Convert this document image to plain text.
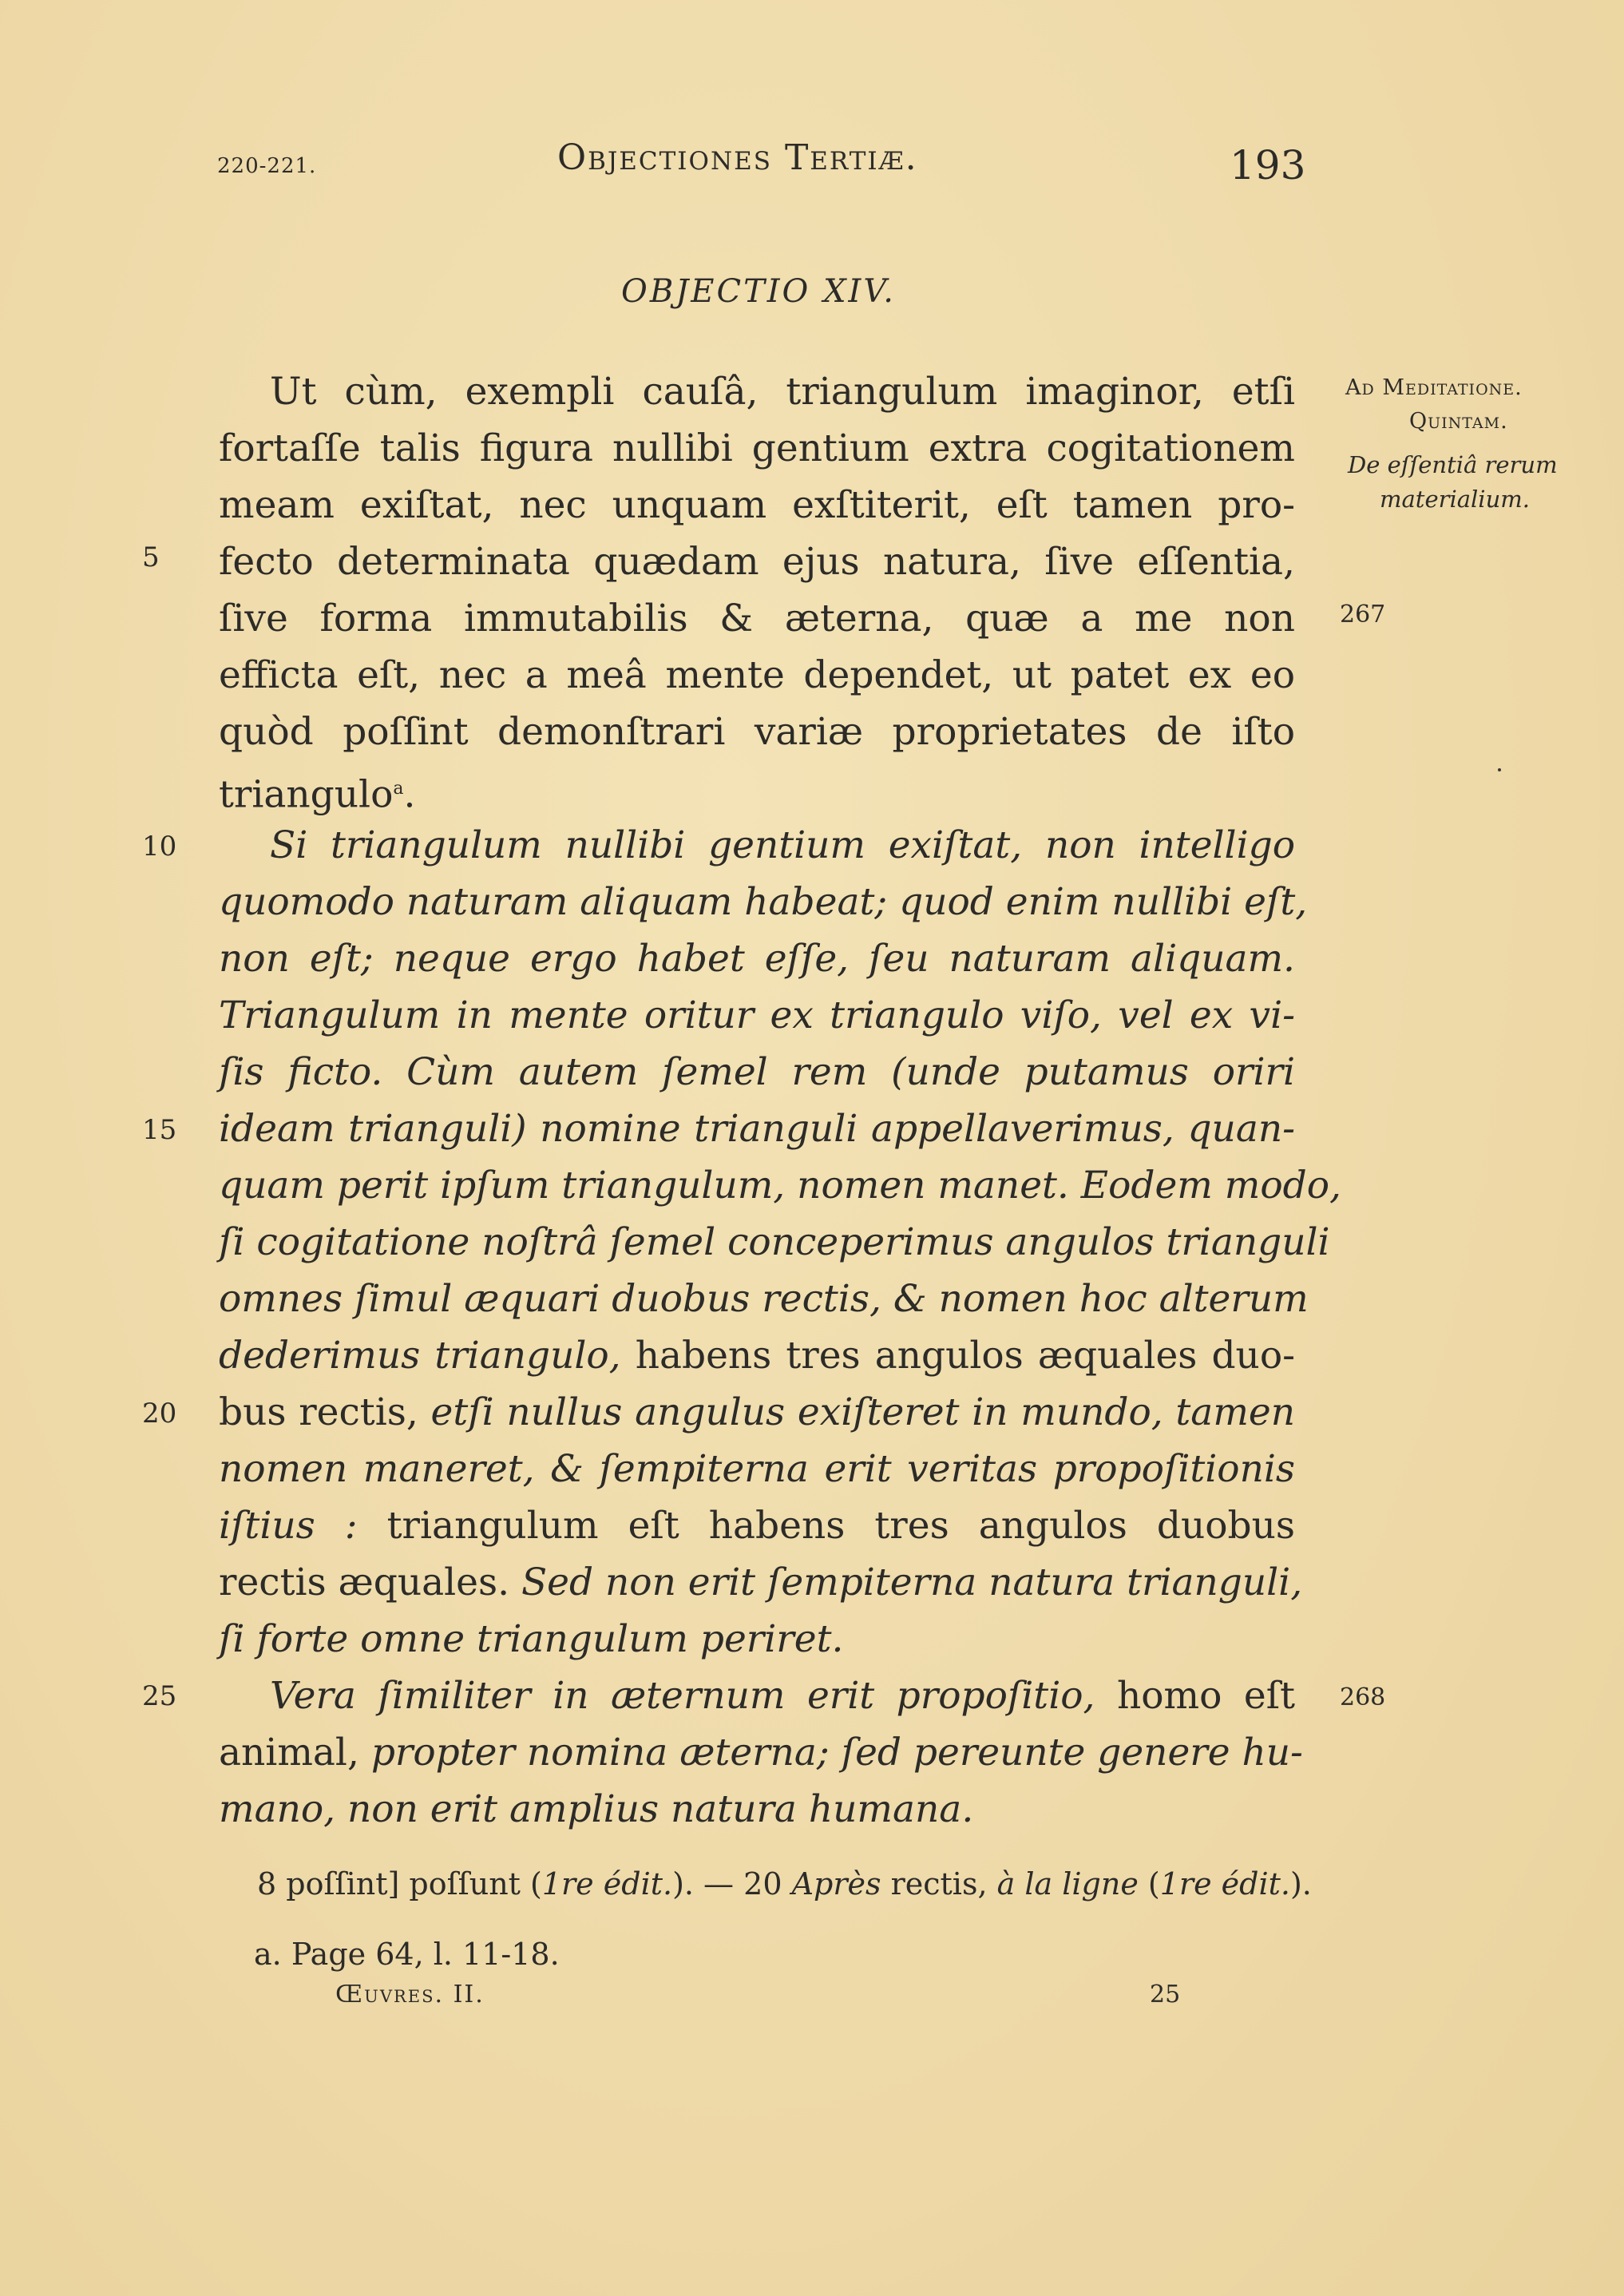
220-221.	Objectiones Tertiæ.	193
OBJECTIO XIV.
Ad Meditatione.
Quintam.
De eſſentiâ rerum
materialium.
267
268
5
10
15
20
25
Ut cùm, exempli cauſâ, triangulum imaginor, etſi
fortaſſe talis figura nullibi gentium extra cogitationem
meam exiſtat, nec unquam exſtiterit, eſt tamen pro-
fecto determinata quædam ejus natura, ſive eſſentia,
ſive forma immutabilis & æterna, quæ a me non
efficta eſt, nec a meâ mente dependet, ut patet ex eo
quòd poſſint demonſtrari variæ proprietates de iſto
triangulo$^a$.
Si triangulum nullibi gentium exiſtat, non intelligo
quomodo naturam aliquam habeat; quod enim nullibi eſt,
non eſt; neque ergo habet eſſe, ſeu naturam aliquam.
Triangulum in mente oritur ex triangulo viſo, vel ex vi-
ſis ficto. Cùm autem ſemel rem (unde putamus oriri
ideam trianguli) nomine trianguli appellaverimus, quan-
quam perit ipſum triangulum, nomen manet. Eodem modo,
ſi cogitatione noſtrâ ſemel conceperimus angulos trianguli
omnes ſimul æquari duobus rectis, & nomen hoc alterum
dederimus triangulo, habens tres angulos æquales duo-
bus rectis, etſi nullus angulus exiſteret in mundo, tamen
nomen maneret, & ſempiterna erit veritas propoſitionis
iſtius : triangulum eſt habens tres angulos duobus
rectis æquales. Sed non erit ſempiterna natura trianguli,
ſi forte omne triangulum periret.
Vera ſimiliter in æternum erit propoſitio, homo eſt
animal, propter nomina æterna; ſed pereunte genere hu-
mano, non erit amplius natura humana.
8 poſſint] poſſunt (1re édit.). — 20 Après rectis, à la ligne (1re édit.).
a. Page 64, l. 11-18.
Œuvres. II.	25
